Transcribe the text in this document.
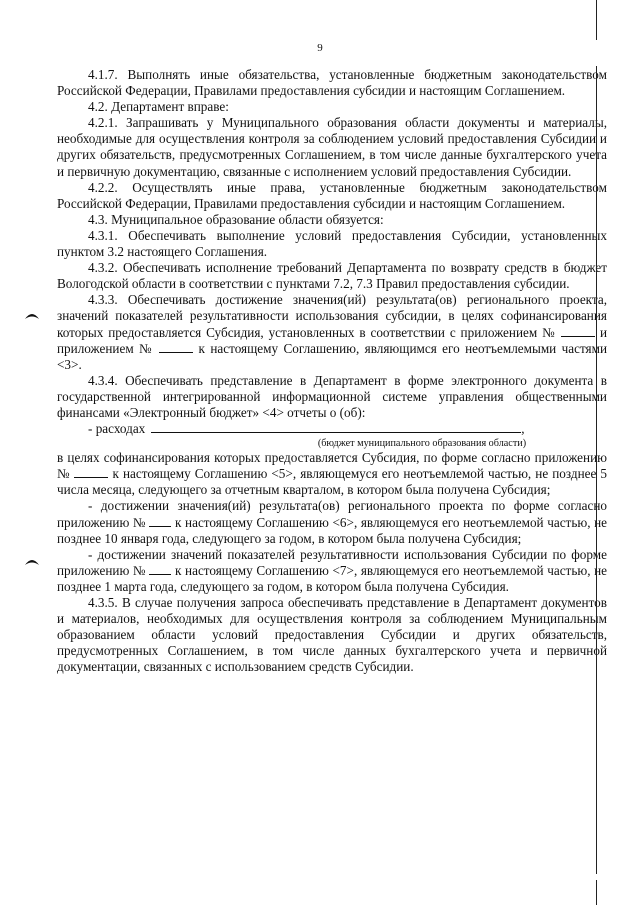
9

4.1.7. Выполнять иные обязательства, установленные бюджетным законодательством Российской Федерации, Правилами предоставления субсидии и настоящим Соглашением.

4.2. Департамент вправе:

4.2.1. Запрашивать у Муниципального образования области документы и материалы, необходимые для осуществления контроля за соблюдением условий предоставления Субсидии и других обязательств, предусмотренных Соглашением, в том числе данные бухгалтерского учета и первичную документацию, связанные с исполнением условий предоставления Субсидии.

4.2.2. Осуществлять иные права, установленные бюджетным законодательством Российской Федерации, Правилами предоставления субсидии и настоящим Соглашением.

4.3. Муниципальное образование области обязуется:

4.3.1. Обеспечивать выполнение условий предоставления Субсидии, установленных пунктом 3.2 настоящего Соглашения.

4.3.2. Обеспечивать исполнение требований Департамента по возврату средств в бюджет Вологодской области в соответствии с пунктами 7.2, 7.3 Правил предоставления субсидии.

4.3.3. Обеспечивать достижение значения(ий) результата(ов) регионального проекта, значений показателей результативности использования субсидии, в целях софинансирования которых предоставляется Субсидия, установленных в соответствии с приложением №	и приложением №	к настоящему Соглашению, являющимся его неотъемлемыми частями <3>.

4.3.4. Обеспечивать представление в Департамент в форме электронного документа в государственной интегрированной информационной системе управления общественными финансами «Электронный бюджет» <4> отчеты о (об):

- расходах	,

(бюджет муниципального образования области)

в целях софинансирования которых предоставляется Субсидия, по форме согласно приложению №	к настоящему Соглашению <5>, являющемуся его неотъемлемой частью, не позднее 5 числа месяца, следующего за отчетным кварталом, в котором была получена Субсидия;

- достижении значения(ий) результата(ов) регионального проекта по форме согласно приложению № к настоящему Соглашению <6>, являющемуся его неотъемлемой частью, не позднее 10 января года, следующего за годом, в котором была получена Субсидия;

- достижении значений показателей результативности использования Субсидии по форме приложению № к настоящему Соглашению <7>, являющемуся его неотъемлемой частью, не позднее 1 марта года, следующего за годом, в котором была получена Субсидия.

4.3.5. В случае получения запроса обеспечивать представление в Департамент документов и материалов, необходимых для осуществления контроля за соблюдением Муниципальным образованием области условий предоставления Субсидии и других обязательств, предусмотренных Соглашением, в том числе данных бухгалтерского учета и первичной документации, связанных с использованием средств Субсидии.
